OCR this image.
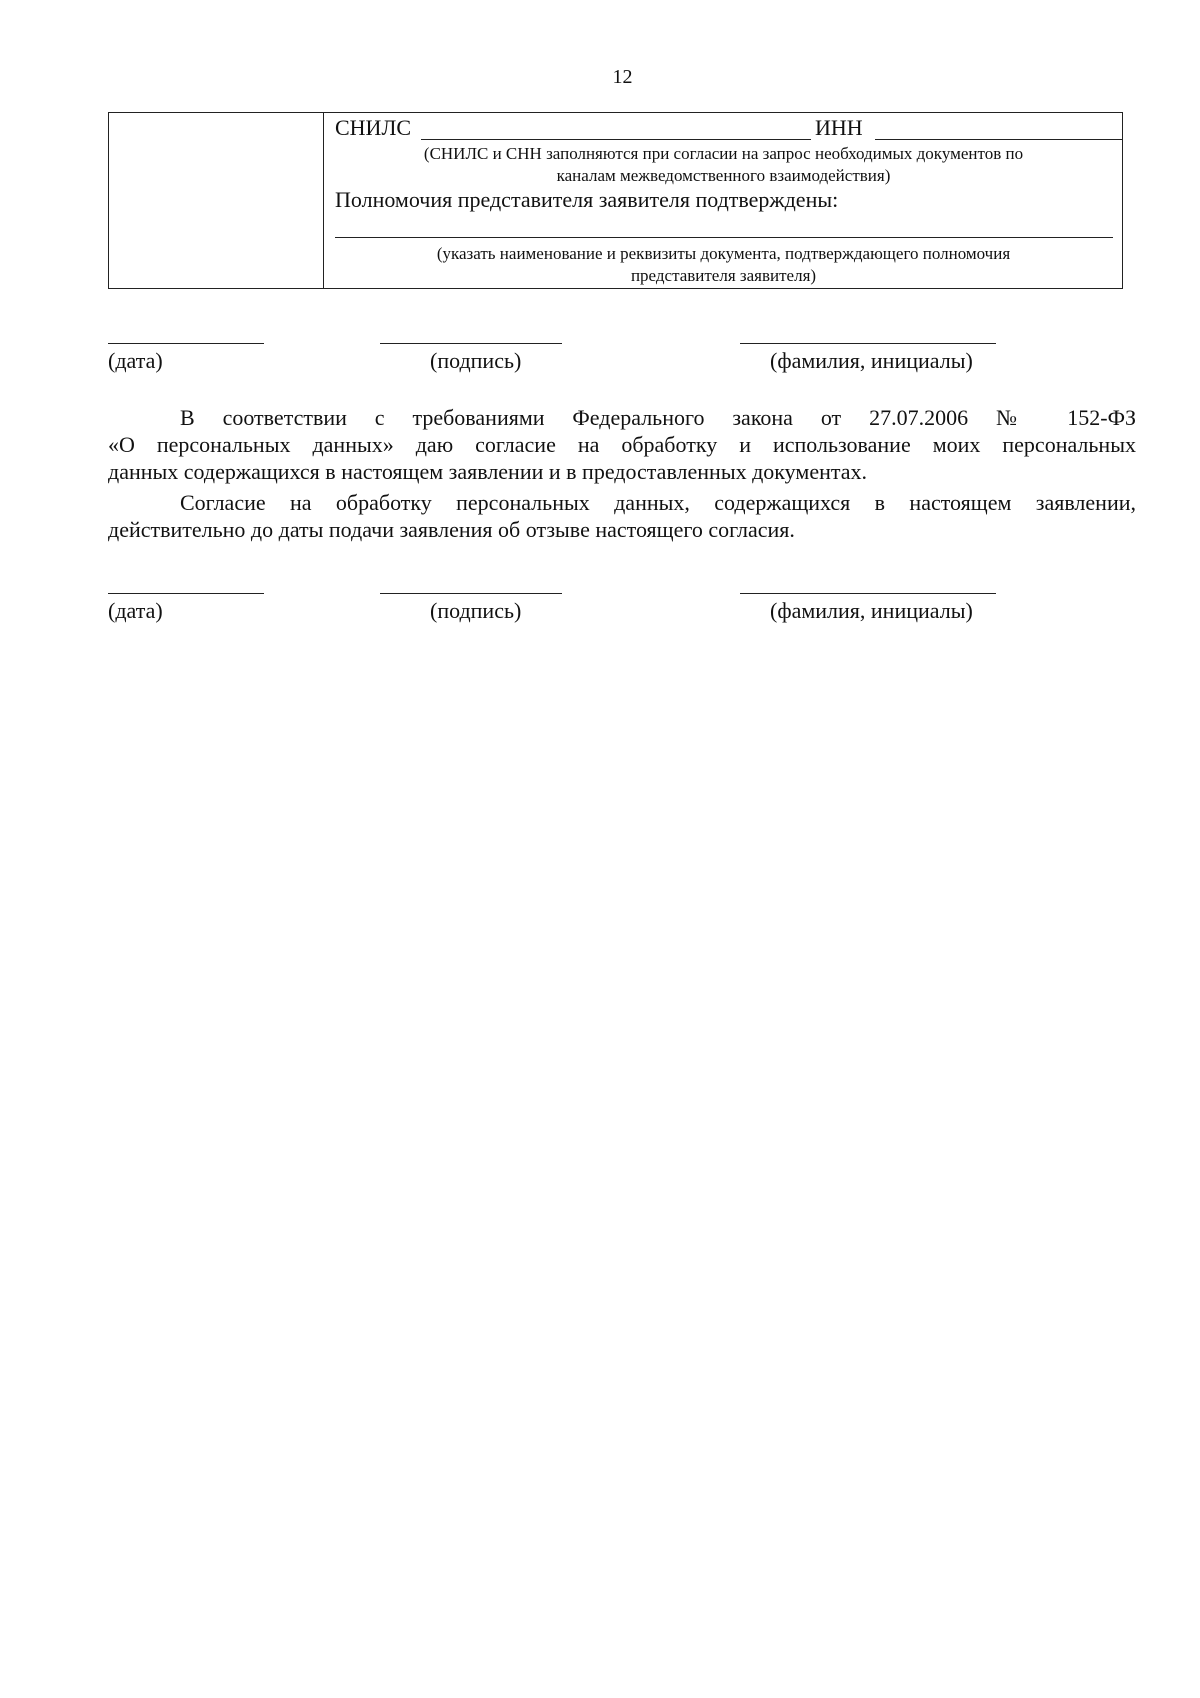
12
СНИЛС	ИНН
(СНИЛС и СНН заполняются при согласии на запрос необходимых документов по
каналам межведомственного взаимодействия)
Полномочия представителя заявителя подтверждены:
(указать наименование и реквизиты документа, подтверждающего полномочия
представителя заявителя)
(дата)	(подпись)	(фамилия, инициалы)
В соответствии с требованиями Федерального закона от 27.07.2006 № 152-ФЗ
«О персональных данных» даю согласие на обработку и использование моих персональных
данных содержащихся в настоящем заявлении и в предоставленных документах.
Согласие на обработку персональных данных, содержащихся в настоящем заявлении,
действительно до даты подачи заявления об отзыве настоящего согласия.
(дата)	(подпись)	(фамилия, инициалы)
